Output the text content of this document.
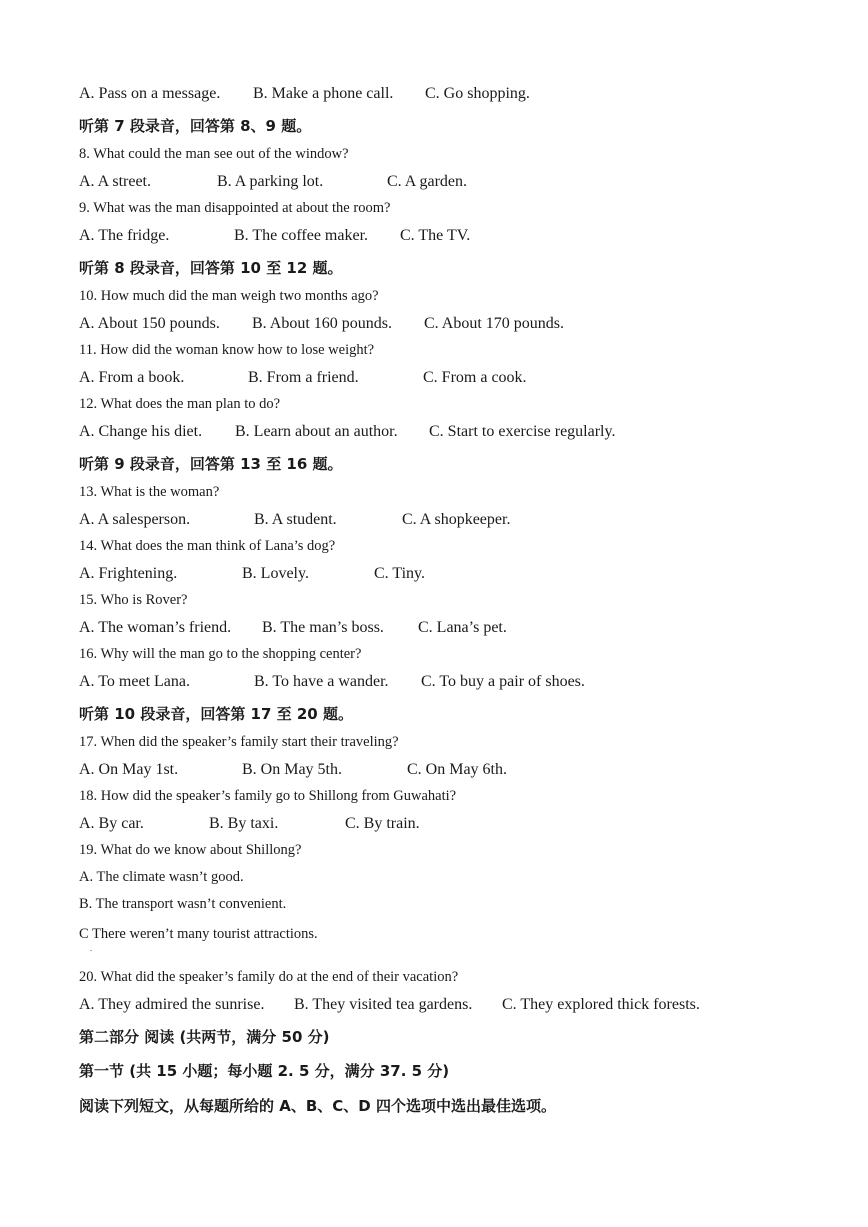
A. Pass on a message. B. Make a phone call. C. Go shopping.
听第 7 段录音，回答第 8、9 题。
8. What could the man see out of the window?
A. A street.	B. A parking lot.	C. A garden.
9. What was the man disappointed at about the room?
A. The fridge.	B. The coffee maker. C. The TV.
听第 8 段录音，回答第 10 至 12 题。
10. How much did the man weigh two months ago?
A. About 150 pounds. B. About 160 pounds. C. About 170 pounds.
11. How did the woman know how to lose weight?
A. From a book.	B. From a friend.	C. From a cook.
12. What does the man plan to do?
A. Change his diet. B. Learn about an author. C. Start to exercise regularly.
听第 9 段录音，回答第 13 至 16 题。
13. What is the woman?
A. A salesperson.	B. A student.	C. A shopkeeper.
14. What does the man think of Lana’s dog?
A. Frightening.	B. Lovely.	C. Tiny.
15. Who is Rover?
A. The woman’s friend. B. The man’s boss. C. Lana’s pet.
16. Why will the man go to the shopping center?
A. To meet Lana.	B. To have a wander. C. To buy a pair of shoes.
听第 10 段录音，回答第 17 至 20 题。
17. When did the speaker’s family start their traveling?
A. On May 1st.	B. On May 5th.	C. On May 6th.
18. How did the speaker’s family go to Shillong from Guwahati?
A. By car.	B. By taxi.	C. By train.
19. What do we know about Shillong?
A. The climate wasn’t good.
B. The transport wasn’t convenient.
C There weren’t many tourist attractions.
.
20. What did the speaker’s family do at the end of their vacation?
A. They admired the sunrise. B. They visited tea gardens. C. They explored thick forests.
第二部分 阅读 (共两节，满分 50 分)
第一节 (共 15 小题；每小题 2. 5 分，满分 37. 5 分)
阅读下列短文，从每题所给的 A、B、C、D 四个选项中选出最佳选项。
